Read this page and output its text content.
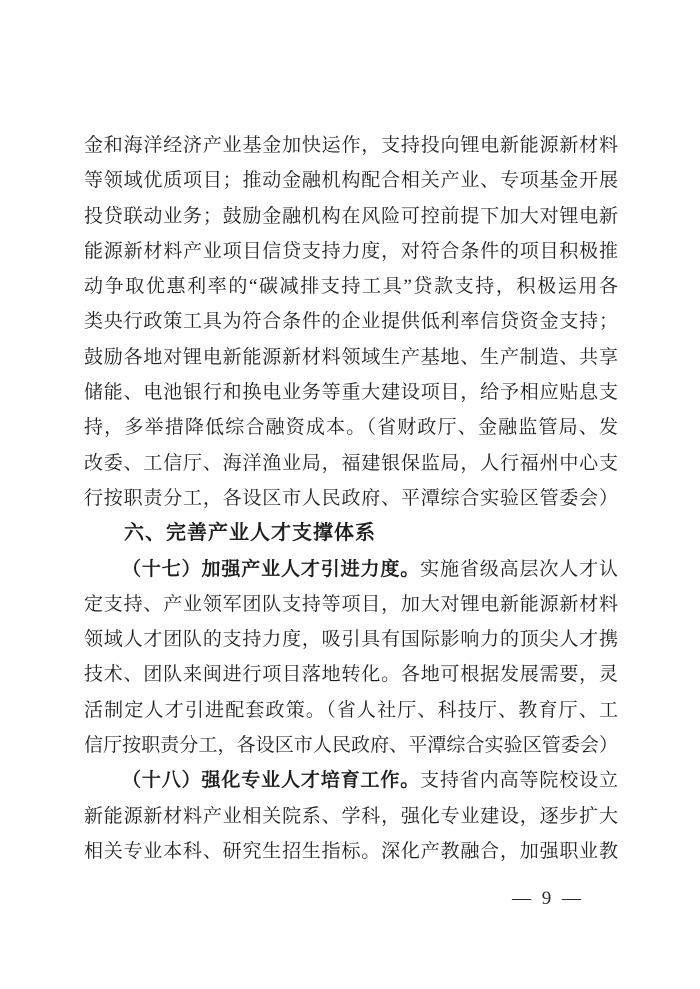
金和海洋经济产业基金加快运作，支持投向锂电新能源新材料
等领域优质项目；推动金融机构配合相关产业、专项基金开展
投贷联动业务；鼓励金融机构在风险可控前提下加大对锂电新
能源新材料产业项目信贷支持力度，对符合条件的项目积极推
动争取优惠利率的“碳减排支持工具”贷款支持，积极运用各
类央行政策工具为符合条件的企业提供低利率信贷资金支持；
鼓励各地对锂电新能源新材料领域生产基地、生产制造、共享
储能、电池银行和换电业务等重大建设项目，给予相应贴息支
持，多举措降低综合融资成本。（省财政厅、金融监管局、发
改委、工信厅、海洋渔业局，福建银保监局，人行福州中心支
行按职责分工，各设区市人民政府、平潭综合实验区管委会）
六、完善产业人才支撑体系
（十七）加强产业人才引进力度。实施省级高层次人才认
定支持、产业领军团队支持等项目，加大对锂电新能源新材料
领域人才团队的支持力度，吸引具有国际影响力的顶尖人才携
技术、团队来闽进行项目落地转化。各地可根据发展需要，灵
活制定人才引进配套政策。（省人社厅、科技厅、教育厅、工
信厅按职责分工，各设区市人民政府、平潭综合实验区管委会）
（十八）强化专业人才培育工作。支持省内高等院校设立
新能源新材料产业相关院系、学科，强化专业建设，逐步扩大
相关专业本科、研究生招生指标。深化产教融合，加强职业教
— 9 —
